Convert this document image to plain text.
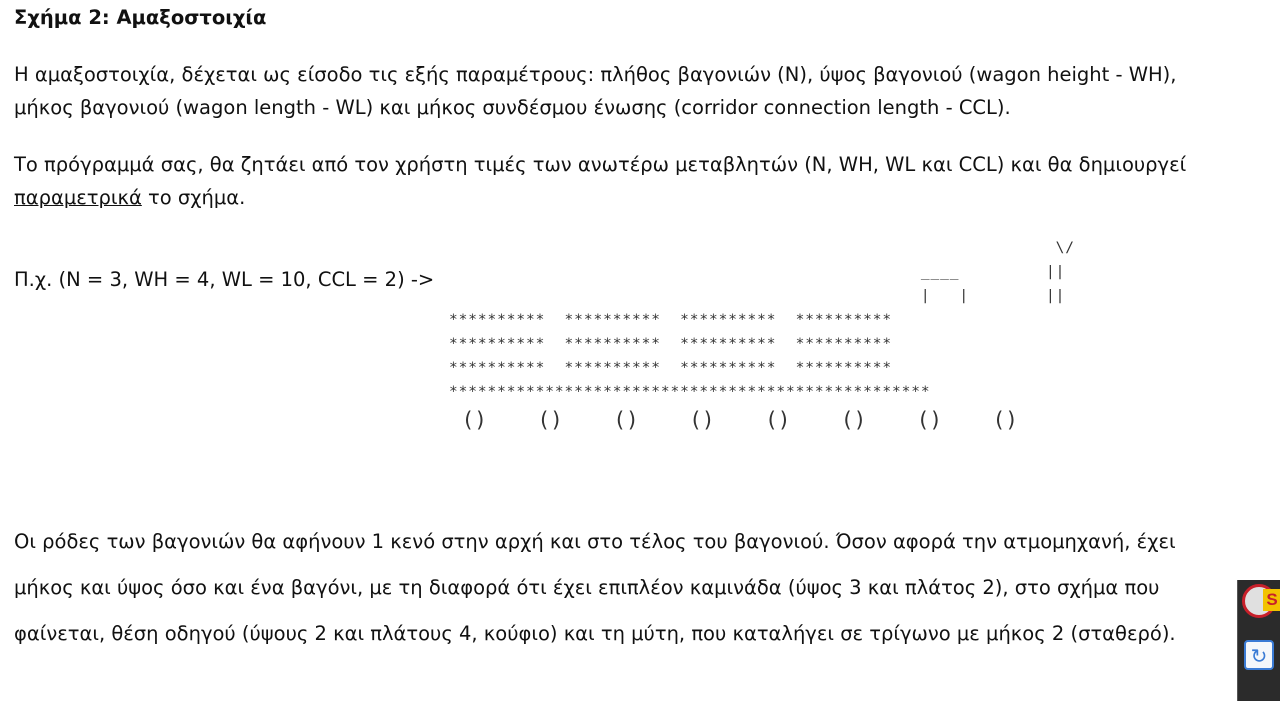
Σχήμα 2: Αμαξοστοιχία
Η αμαξοστοιχία, δέχεται ως είσοδο τις εξής παραμέτρους: πλήθος βαγονιών (N), ύψος βαγονιού (wagon height - WH),
μήκος βαγονιού (wagon length - WL) και μήκος συνδέσμου ένωσης (corridor connection length - CCL).
Το πρόγραμμά σας, θα ζητάει από τον χρήστη τιμές των ανωτέρω μεταβλητών (N, WH, WL και CCL) και θα δημιουργεί
παραμετρικά το σχήμα.
Π.χ. (N = 3, WH = 4, WL = 10, CCL = 2) ->
Οι ρόδες των βαγονιών θα αφήνουν 1 κενό στην αρχή και στο τέλος του βαγονιού. Όσον αφορά την ατμομηχανή, έχει
μήκος και ύψος όσο και ένα βαγόνι, με τη διαφορά ότι έχει επιπλέον καμινάδα (ύψος 3 και πλάτος 2), στο σχήμα που
φαίνεται, θέση οδηγού (ύψους 2 και πλάτους 4, κούφιο) και τη μύτη, που καταλήγει σε τρίγωνο με μήκος 2 (σταθερό).
\/
____         ||
|   |        ||
**********  **********  **********  **********
**********  **********  **********  **********
**********  **********  **********  **********
**************************************************
()    ()    ()    ()    ()    ()    ()    ()
S
↻
